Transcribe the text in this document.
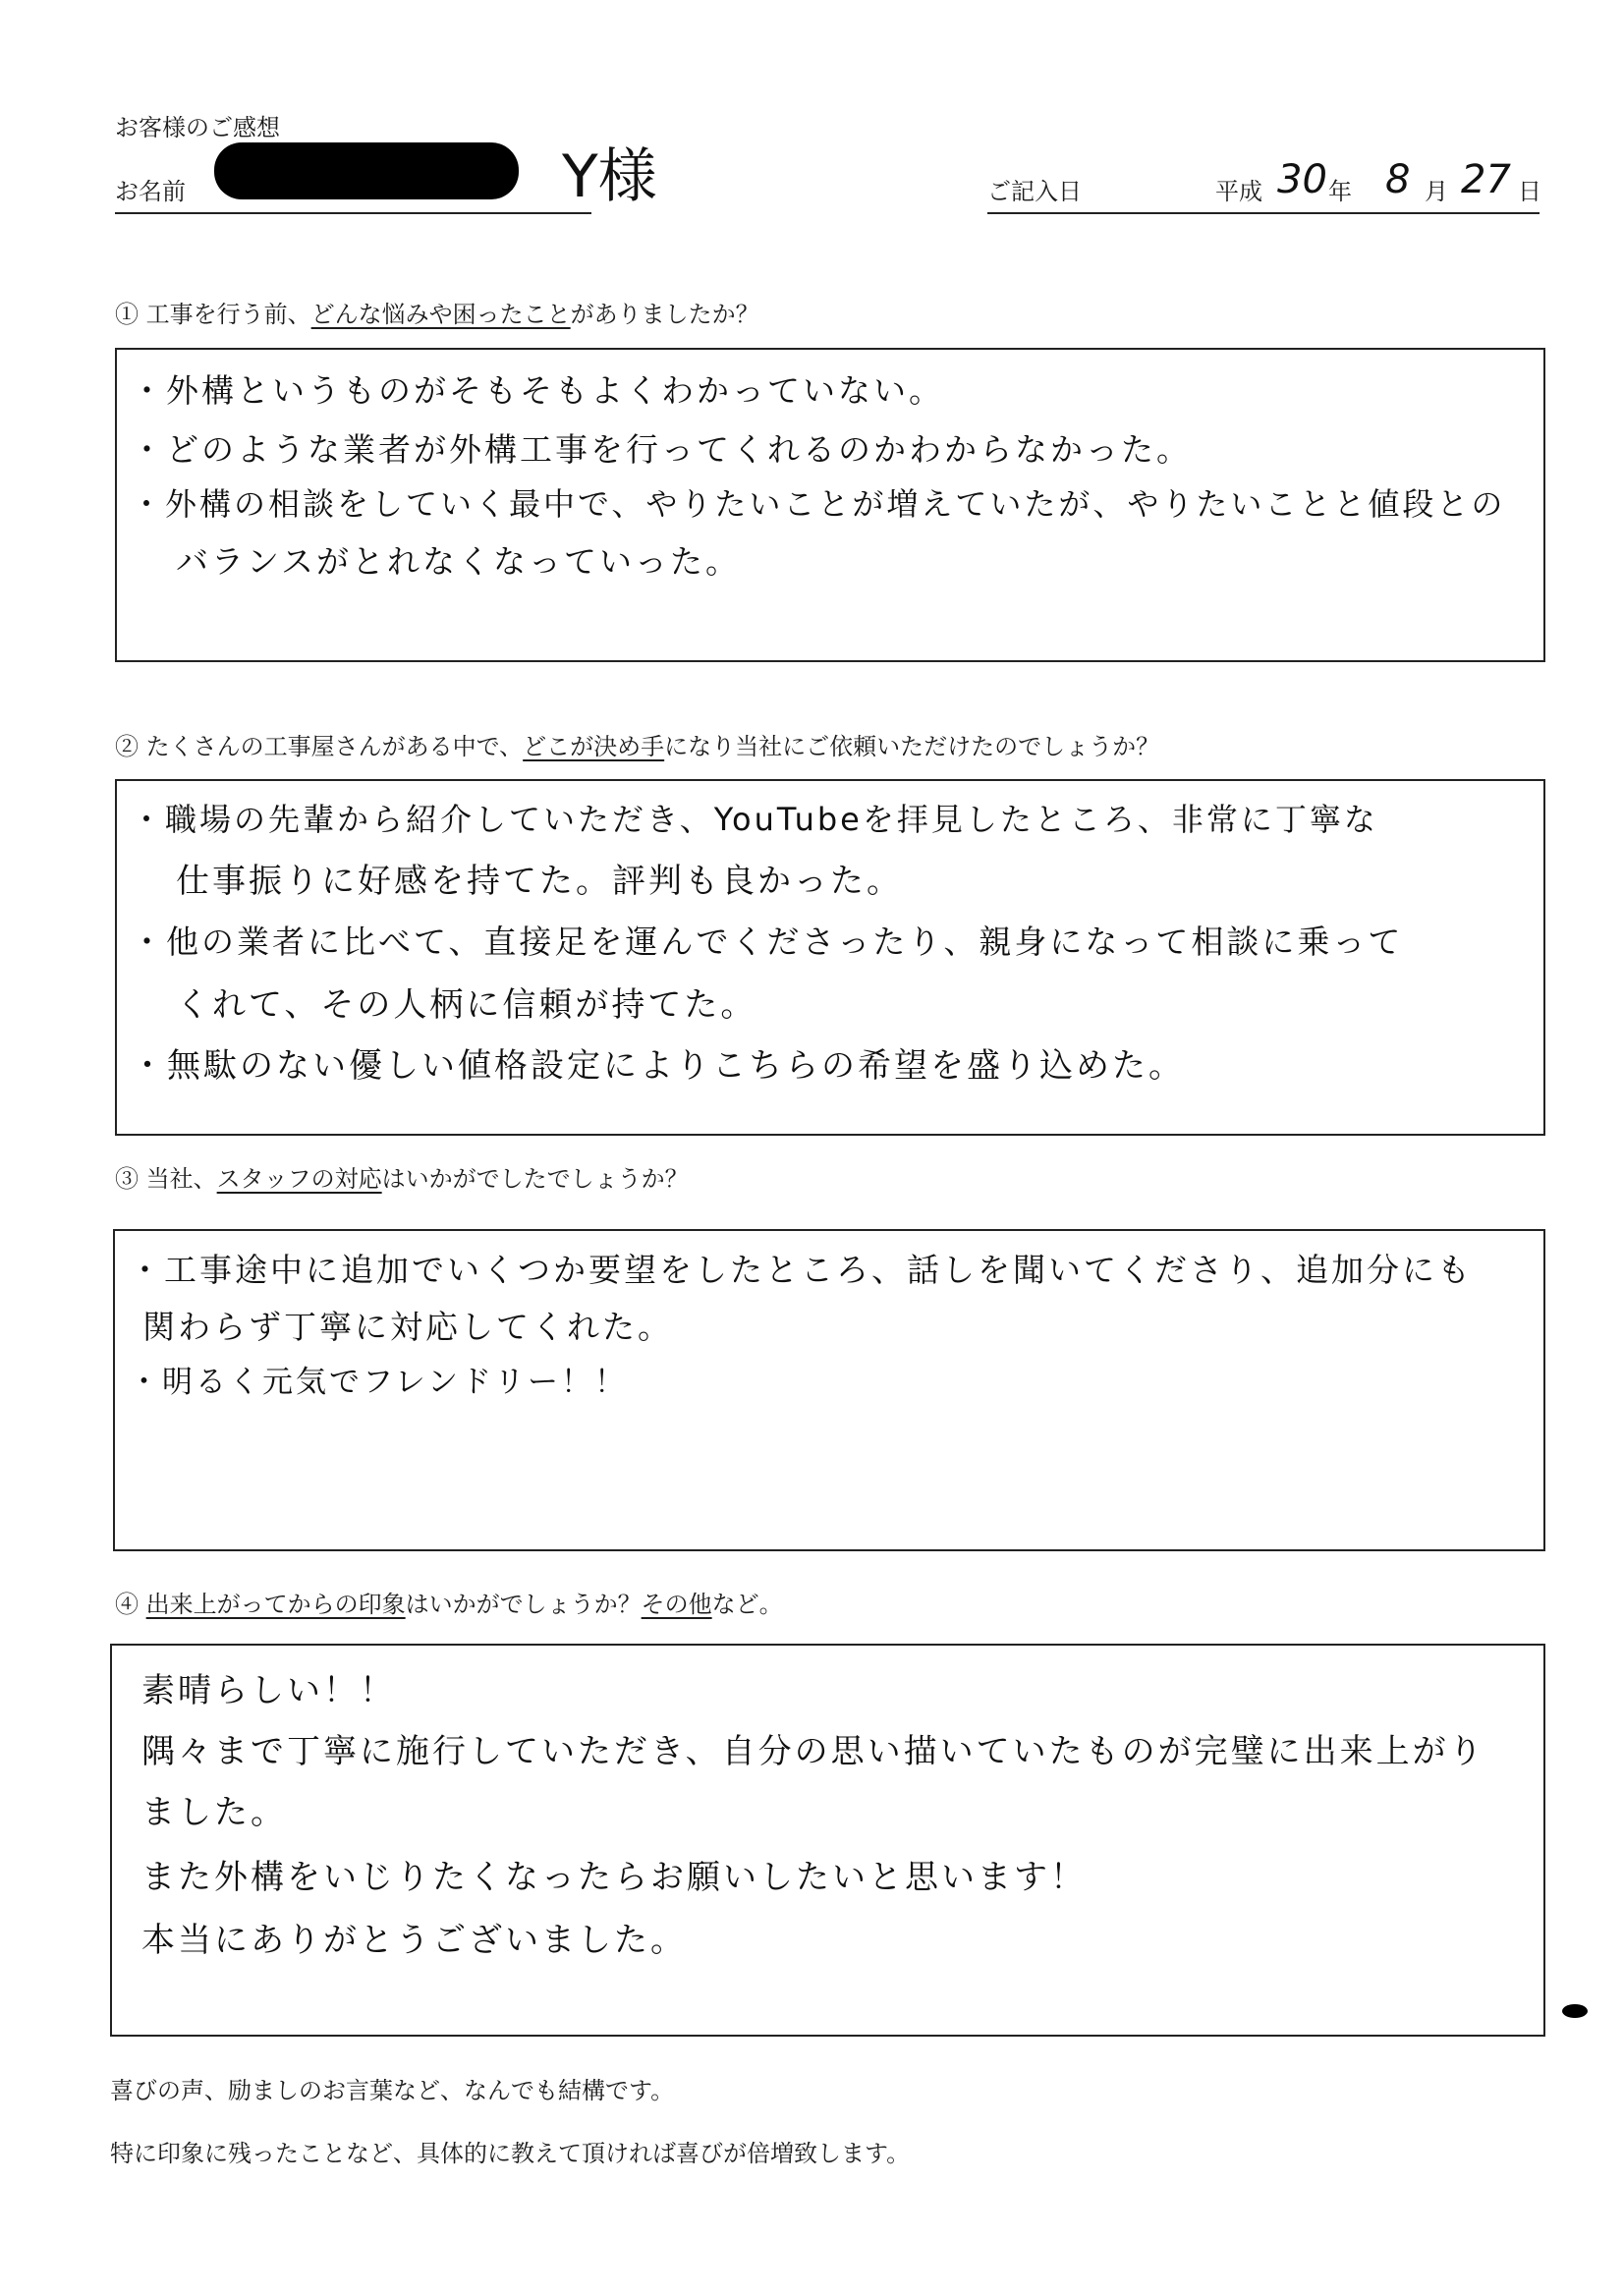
お客様のご感想
お名前	Y様	ご記入日	平成 30 年 8 月 27 日
① 工事を行う前、どんな悩みや困ったことがありましたか？
・外構というものがそもそもよくわかっていない。
・どのような業者が外構工事を行ってくれるのかわからなかった。
・外構の相談をしていく最中で、やりたいことが増えていたが、やりたいことと値段との
バランスがとれなくなっていった。
② たくさんの工事屋さんがある中で、どこが決め手になり当社にご依頼いただけたのでしょうか？
・職場の先輩から紹介していただき、YouTubeを拝見したところ、非常に丁寧な
仕事振りに好感を持てた。評判も良かった。
・他の業者に比べて、直接足を運んでくださったり、親身になって相談に乗って
くれて、その人柄に信頼が持てた。
・無駄のない優しい値格設定によりこちらの希望を盛り込めた。
③ 当社、スタッフの対応はいかがでしたでしょうか？
・工事途中に追加でいくつか要望をしたところ、話しを聞いてくださり、追加分にも
関わらず丁寧に対応してくれた。
・明るく元気でフレンドリー！！
④ 出来上がってからの印象はいかがでしょうか？その他など。
素晴らしい！！
隅々まで丁寧に施行していただき、自分の思い描いていたものが完璧に出来上がり
ました。
また外構をいじりたくなったらお願いしたいと思います！
本当にありがとうございました。
喜びの声、励ましのお言葉など、なんでも結構です。
特に印象に残ったことなど、具体的に教えて頂ければ喜びが倍増致します。
